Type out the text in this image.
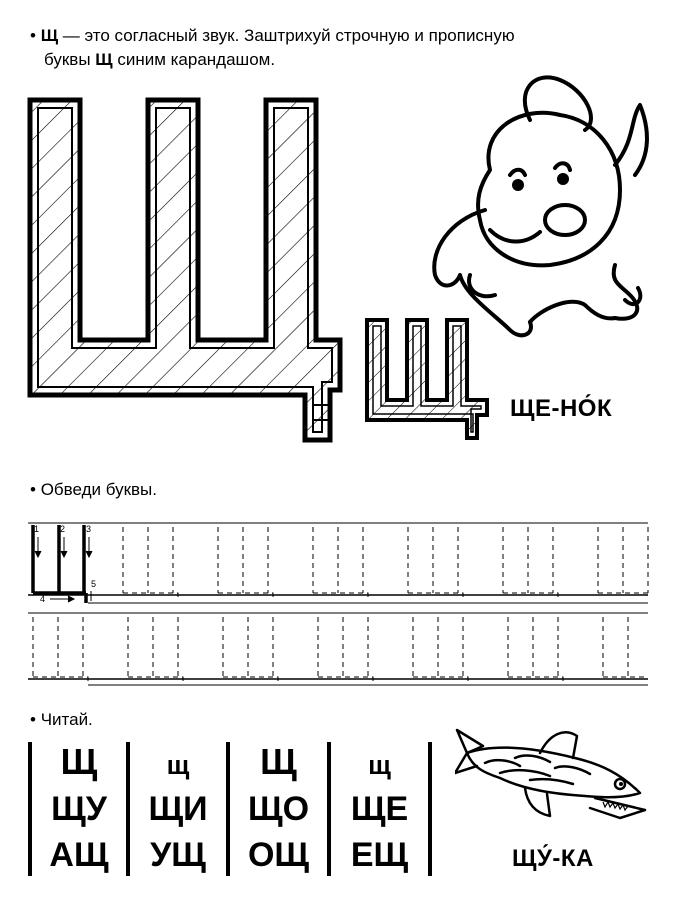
• Щ — это согласный звук. Заштрихуй строчную и прописную
буквы Щ синим карандашом.
ЩЕ-НО́К
• Обведи буквы.
1 2 3
4
5
• Читай.
Щ	щ	Щ	щ
ЩУ	ЩИ	ЩО	ЩЕ
АЩ	УЩ	ОЩ	ЕЩ	ЩУ́-КА
